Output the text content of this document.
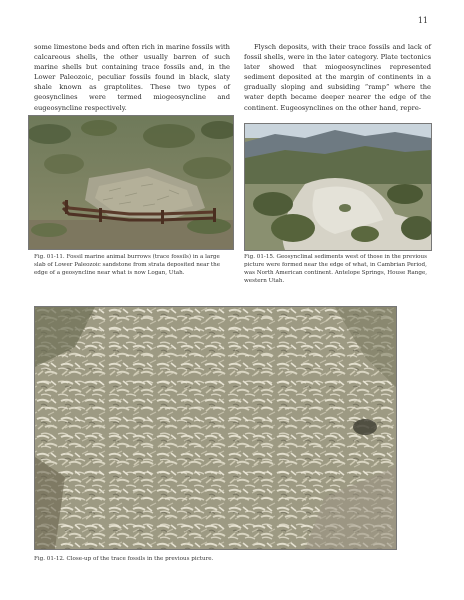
11

some limestone beds and often rich in marine fossils with calcareous shells, the other usually barren of such marine shells but containing trace fossils and, in the Lower Paleozoic, peculiar fossils found in black, slaty shale known as graptolites. These two types of geosynclines were termed miogeosyncline and eugeosyncline respectively.

Flysch deposits, with their trace fossils and lack of fossil shells, were in the later category. Plate tectonics later showed that miogeosynclines represented sediment deposited at the margin of continents in a gradually sloping and subsiding “ramp” where the water depth became deeper nearer the edge of the continent. Eugeosynclines on the other hand, repre-

Fig. 01-11. Fossil marine animal burrows (trace fossils) in a large slab of Lower Paleozoic sandstone from strata deposited near the edge of a geosyncline near what is now Logan, Utah.

Fig. 01-15. Geosynclinal sediments west of those in the previous picture were formed near the edge of what, in Cambrian Period, was North American continent. Antelope Springs, House Range, western Utah.

Fig. 01-12. Close-up of the trace fossils in the previous picture.
